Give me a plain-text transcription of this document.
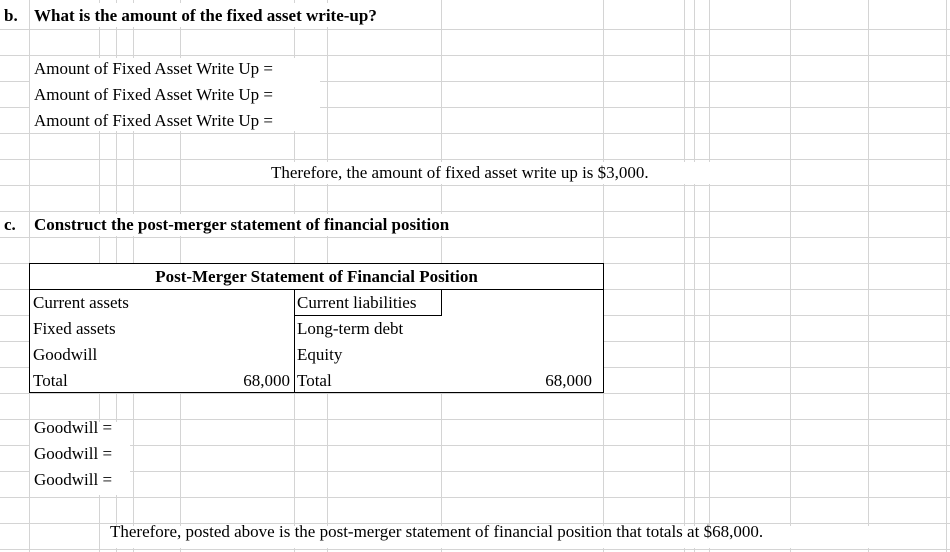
b. What is the amount of the fixed asset write-up?
Amount of Fixed Asset Write Up =
Amount of Fixed Asset Write Up =
Amount of Fixed Asset Write Up =
Therefore, the amount of fixed asset write up is $3,000.
c. Construct the post-merger statement of financial position
Post-Merger Statement of Financial Position
Current assets
Fixed assets
Goodwill
Total	68,000
Current liabilities
Long-term debt
Equity
Total	68,000
Goodwill =
Goodwill =
Goodwill =
Therefore, posted above is the post-merger statement of financial position that totals at $68,000.
